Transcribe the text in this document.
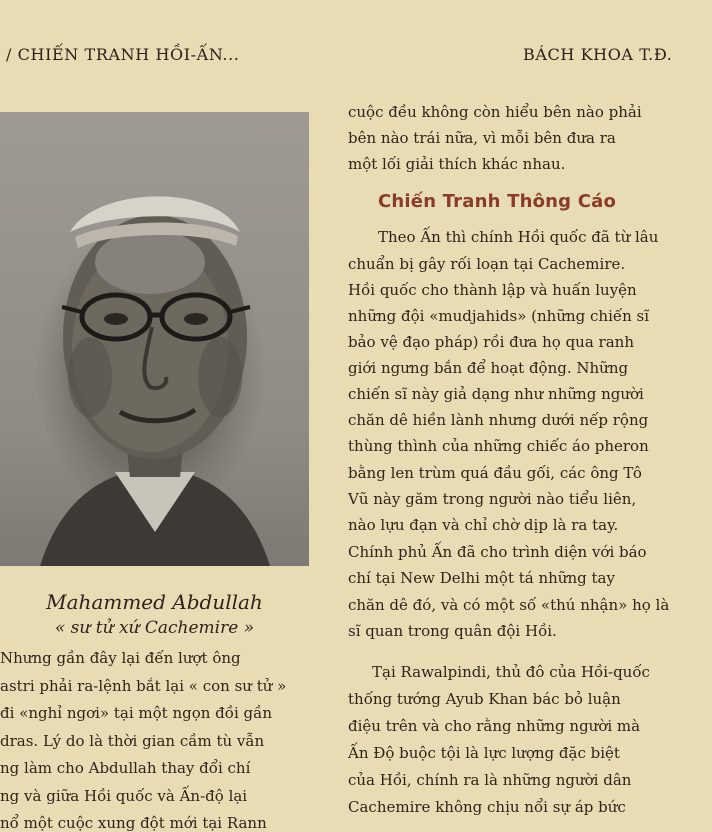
/ CHIẾN TRANH HỒI-ẤN...	BÁCH KHOA T.Đ.
Mahammed Abdullah
« sư tử xứ Cachemire »
Nhưng gần đây lại đến lượt ông
astri phải ra-lệnh bắt lại « con sư tử »
đi «nghỉ ngơi» tại một ngọn đồi gần
dras. Lý do là thời gian cầm tù vẫn
ng làm cho Abdullah thay đổi chí
ng và giữa Hồi quốc và Ấn-độ lại
nổ một cuộc xung đột mới tại Rann
cuộc đều không còn hiểu bên nào phải
bên nào trái nữa, vì mỗi bên đưa ra
một lối giải thích khác nhau.
Chiến Tranh Thông Cáo
Theo Ấn thì chính Hồi quốc đã từ lâu
chuẩn bị gây rối loạn tại Cachemire.
Hồi quốc cho thành lập và huấn luyện
những đội «mudjahids» (những chiến sĩ
bảo vệ đạo pháp) rồi đưa họ qua ranh
giới ngưng bắn để hoạt động. Những
chiến sĩ này giả dạng như những người
chăn dê hiền lành nhưng dưới nếp rộng
thùng thình của những chiếc áo pheron
bằng len trùm quá đầu gối, các ông Tô
Vũ này găm trong người nào tiểu liên,
nào lựu đạn và chỉ chờ dịp là ra tay.
Chính phủ Ấn đã cho trình diện với báo
chí tại New Delhi một tá những tay
chăn dê đó, và có một số «thú nhận» họ là
sĩ quan trong quân đội Hồi.
Tại Rawalpindi, thủ đô của Hồi-quốc
thống tướng Ayub Khan bác bỏ luận
điệu trên và cho rằng những người mà
Ấn Độ buộc tội là lực lượng đặc biệt
của Hồi, chính ra là những người dân
Cachemire không chịu nổi sự áp bức
